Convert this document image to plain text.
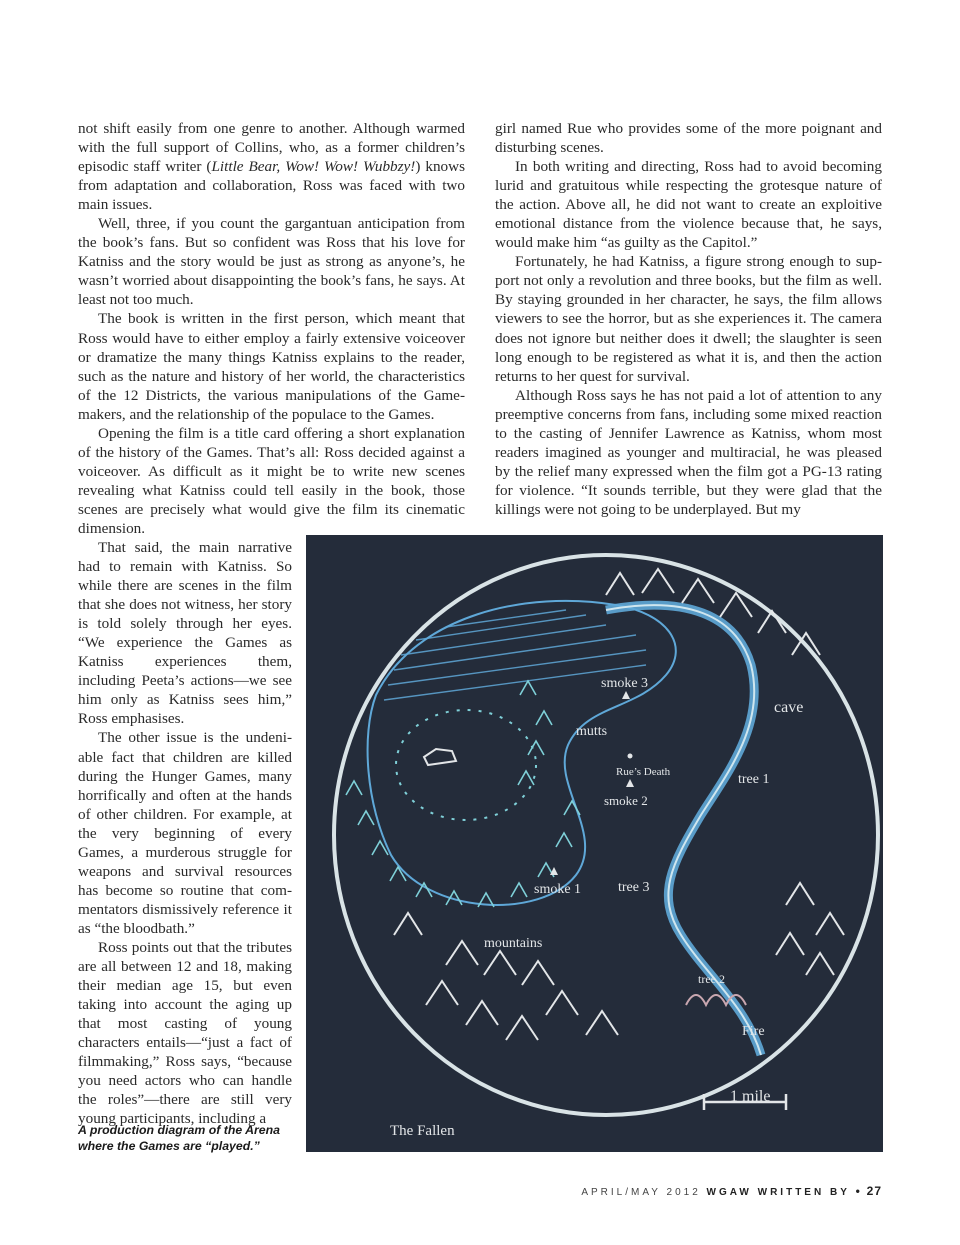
not shift easily from one genre to another. Although warmed with the full support of Collins, who, as a former children’s episodic staff writer (Little Bear, Wow! Wow! Wubbzy!) knows from adaptation and collaboration, Ross was faced with two main issues.

Well, three, if you count the gargantuan anticipation from the book’s fans. But so confident was Ross that his love for Katniss and the story would be just as strong as anyone’s, he wasn’t worried about disappointing the book’s fans, he says. At least not too much.

The book is written in the first person, which meant that Ross would have to either employ a fairly extensive voiceover or dramatize the many things Katniss explains to the reader, such as the nature and history of her world, the characteristics of the 12 Districts, the various manipulations of the Gamemakers, and the relationship of the populace to the Games.

Opening the film is a title card offering a short explanation of the history of the Games. That’s all: Ross decided against a voiceover. As difficult as it might be to write new scenes revealing what Katniss could tell easily in the book, those scenes are precisely what would give the film its cinematic dimension.

That said, the main narrative had to remain with Katniss. So while there are scenes in the film that she does not witness, her story is told solely through her eyes. “We experience the Games as Katniss experiences them, including Peeta’s actions—we see him only as Katniss sees him,” Ross emphasises.

The other issue is the undeniable fact that children are killed during the Hunger Games, many horrifically and often at the hands of other children. For example, at the very beginning of every Games, a murderous struggle for weapons and survival resources has become so routine that commentators dismissively reference it as “the bloodbath.”

Ross points out that the tributes are all between 12 and 18, making their median age 15, but even taking into account the aging up that most casting of young characters entails—“just a fact of filmmaking,” Ross says, “because you need actors who can handle the roles”—there are still very young participants, including a

girl named Rue who provides some of the more poignant and disturbing scenes.

In both writing and directing, Ross had to avoid becoming lurid and gratuitous while respecting the grotesque nature of the action. Above all, he did not want to create an exploitive emotional distance from the violence because that, he says, would make him “as guilty as the Capitol.”

Fortunately, he had Katniss, a figure strong enough to support not only a revolution and three books, but the film as well. By staying grounded in her character, he says, the film allows viewers to see the horror, but as she experiences it. The camera does not ignore but neither does it dwell; the slaughter is seen long enough to be registered as what it is, and then the action returns to her quest for survival.

Although Ross says he has not paid a lot of attention to any preemptive concerns from fans, including some mixed reaction to the casting of Jennifer Lawrence as Katniss, whom most readers imagined as younger and multiracial, he was pleased by the relief many expressed when the film got a PG-13 rating for violence. “It sounds terrible, but they were glad that the killings were not going to be underplayed. But my

smoke 3
cave
mutts
Rue’s Death	tree 1
smoke 2
smoke 1	tree 3
mountains
tree 2
Fire
1 mile
The Fallen
A production diagram of the Arena where the Games are “played.”
APRIL/MAY 2012 WGAW WRITTEN BY • 27
